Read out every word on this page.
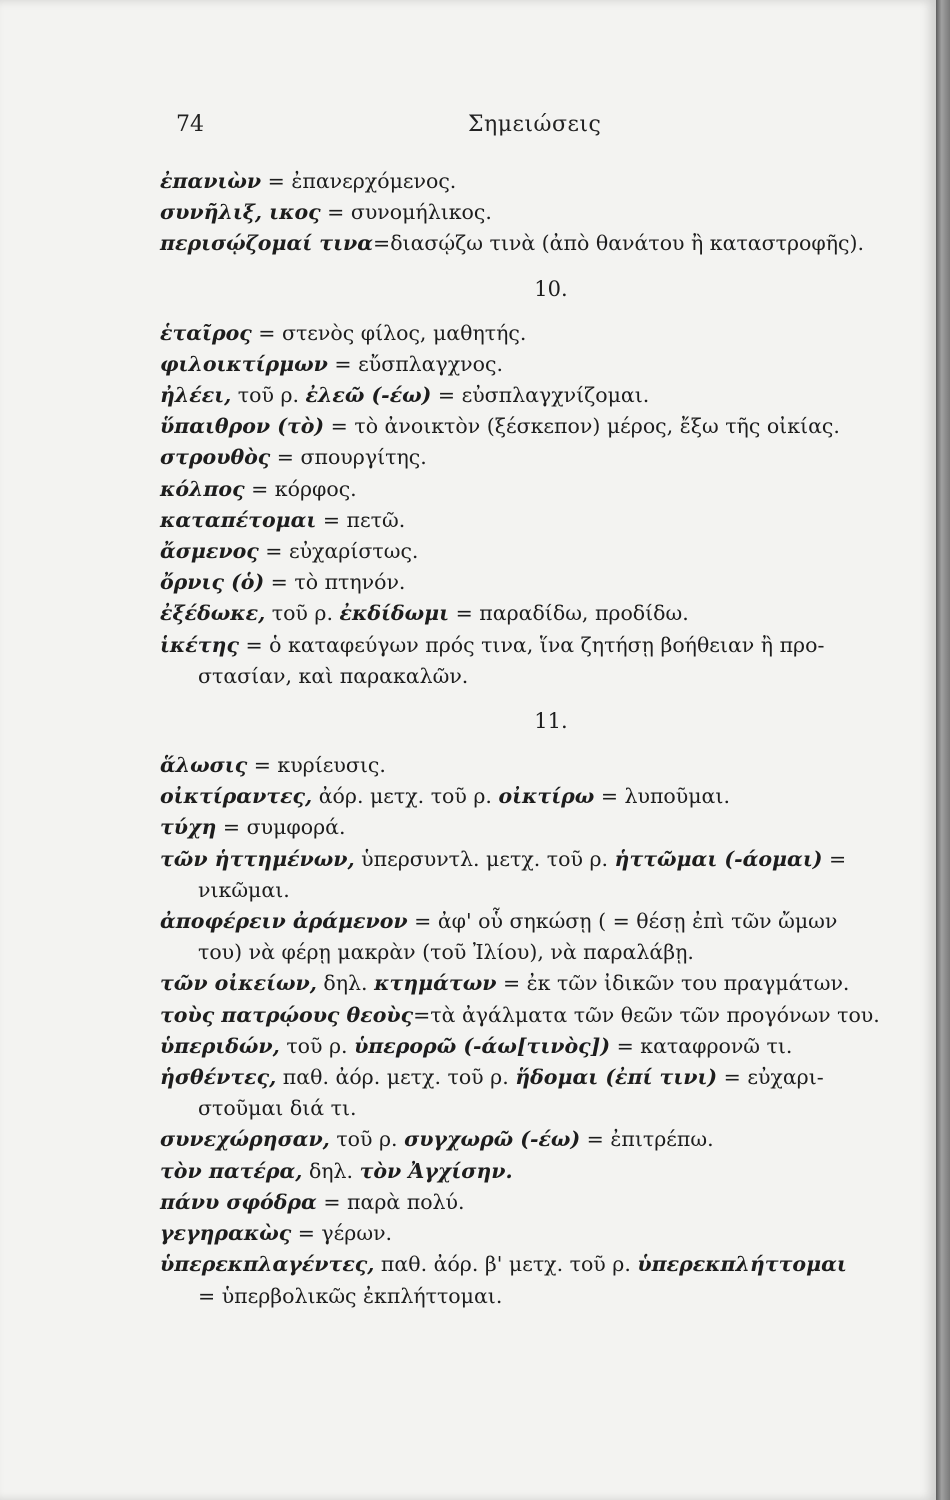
74	Σημειώσεις
ἐπανιὼν = ἐπανερχόμενος.
συνῆλιξ, ικος = συνομήλικος.
περισῴζομαί τινα=διασῴζω τινὰ (ἀπὸ θανάτου ἢ καταστροφῆς).
10.
ἑταῖρος = στενὸς φίλος, μαθητής.
φιλοικτίρμων = εὔσπλαγχνος.
ἠλέει, τοῦ ρ. ἐλεῶ (-έω) = εὐσπλαγχνίζομαι.
ὕπαιθρον (τὸ) = τὸ ἀνοικτὸν (ξέσκεπον) μέρος, ἔξω τῆς οἰκίας.
στρουθὸς = σπουργίτης.
κόλπος = κόρφος.
καταπέτομαι = πετῶ.
ἄσμενος = εὐχαρίστως.
ὄρνις (ὁ) = τὸ πτηνόν.
ἐξέδωκε, τοῦ ρ. ἐκδίδωμι = παραδίδω, προδίδω.
ἱκέτης = ὁ καταφεύγων πρός τινα, ἵνα ζητήσῃ βοήθειαν ἢ προ-
στασίαν, καὶ παρακαλῶν.
11.
ἅλωσις = κυρίευσις.
οἰκτίραντες, ἀόρ. μετχ. τοῦ ρ. οἰκτίρω = λυποῦμαι.
τύχη = συμφορά.
τῶν ἡττημένων, ὑπερσυντλ. μετχ. τοῦ ρ. ἡττῶμαι (-άομαι) =
νικῶμαι.
ἀποφέρειν ἀράμενον = ἀφ' οὗ σηκώσῃ ( = θέσῃ ἐπὶ τῶν ὤμων
του) νὰ φέρῃ μακρὰν (τοῦ Ἰλίου), νὰ παραλάβῃ.
τῶν οἰκείων, δηλ. κτημάτων = ἐκ τῶν ἰδικῶν του πραγμάτων.
τοὺς πατρῴους θεοὺς=τὰ ἀγάλματα τῶν θεῶν τῶν προγόνων του.
ὑπεριδών, τοῦ ρ. ὑπερορῶ (-άω[τινὸς]) = καταφρονῶ τι.
ἡσθέντες, παθ. ἀόρ. μετχ. τοῦ ρ. ἥδομαι (ἐπί τινι) = εὐχαρι-
στοῦμαι διά τι.
συνεχώρησαν, τοῦ ρ. συγχωρῶ (-έω) = ἐπιτρέπω.
τὸν πατέρα, δηλ. τὸν Ἀγχίσην.
πάνυ σφόδρα = παρὰ πολύ.
γεγηρακὼς = γέρων.
ὑπερεκπλαγέντες, παθ. ἀόρ. β' μετχ. τοῦ ρ. ὑπερεκπλήττομαι
= ὑπερβολικῶς ἐκπλήττομαι.
